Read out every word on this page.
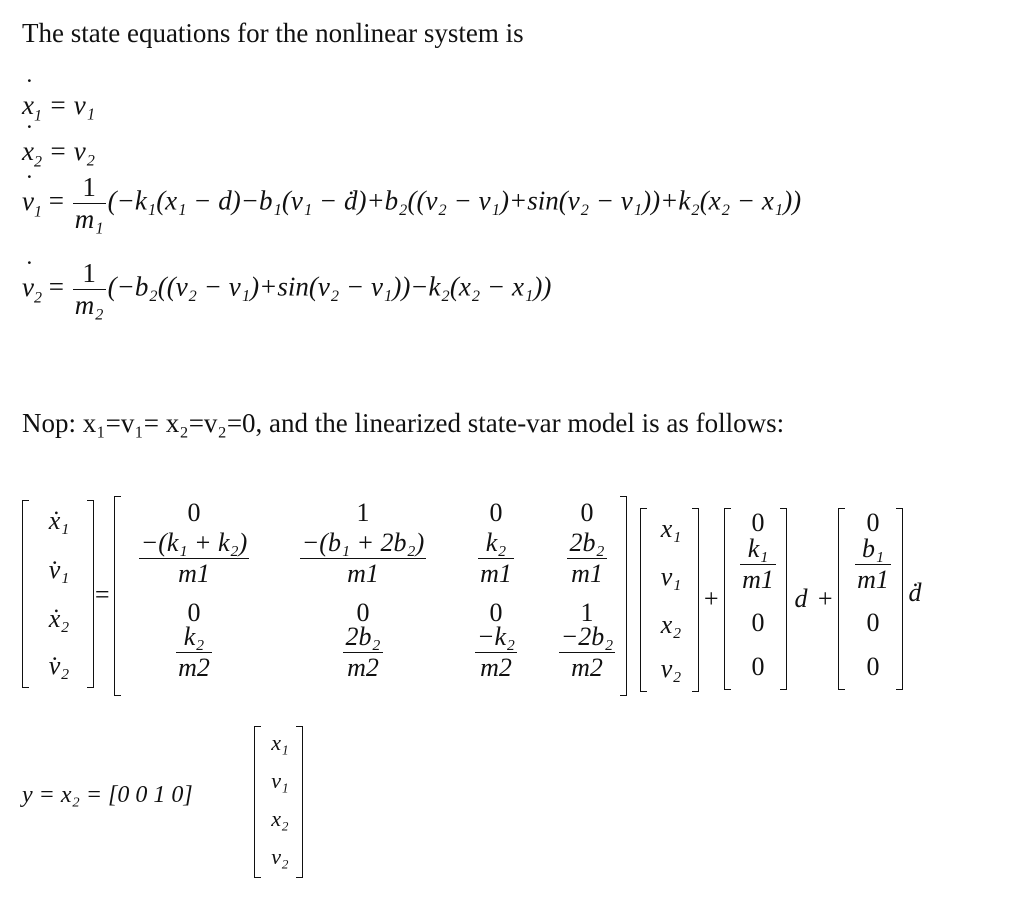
The state equations for the nonlinear system is
$x_1$ ˙ = v₁
$x_2$ ˙ = v₂
$v_1$ ˙ = $\frac{1}{\text{m₁}} (-k_1(x_1 - d)-b_1(v_1$ − ḋ)+b₂((v₂ − v₁)+sin(v₂ − v₁))+k₂(x₂ − x₁))
$v_2$ ˙ = $\frac{1}{\text{m₂}} (-b_2((v_2 - v_1)+\sin(v_2 - v_1))-k_2(x_2 - x_1))$
Nop: x₁=v₁= x₂=v₂=0, and the linearized state-var model is as follows:
ẋ₁
v̇₁
ẋ₂
v̇₂
=
0	1	0	0
$\frac{\text{−(k₁ + k₂)}}{m1} \frac{\text{−(b₁ + 2b₂)}}{m1} \frac{\text{k₂}}{m1} \frac{\text{2b₂}}{m1}$
0	0	0	1
$\frac{\text{k₂}}{m2}$	$\frac{\text{2b₂}}{m2}$	$\frac{\text{−k₂}}{m2} \frac{\text{−2b₂}}{m2}$
x₁
v₁
x₂
v₂
+
0
$\frac{\text{k₁}}{m1}$
0
0
d +
0
$\frac{\text{b₁}}{m1}$
0
0
ḋ
y = x₂ = [0 0 1 0]
x₁
v₁
x₂
v₂
